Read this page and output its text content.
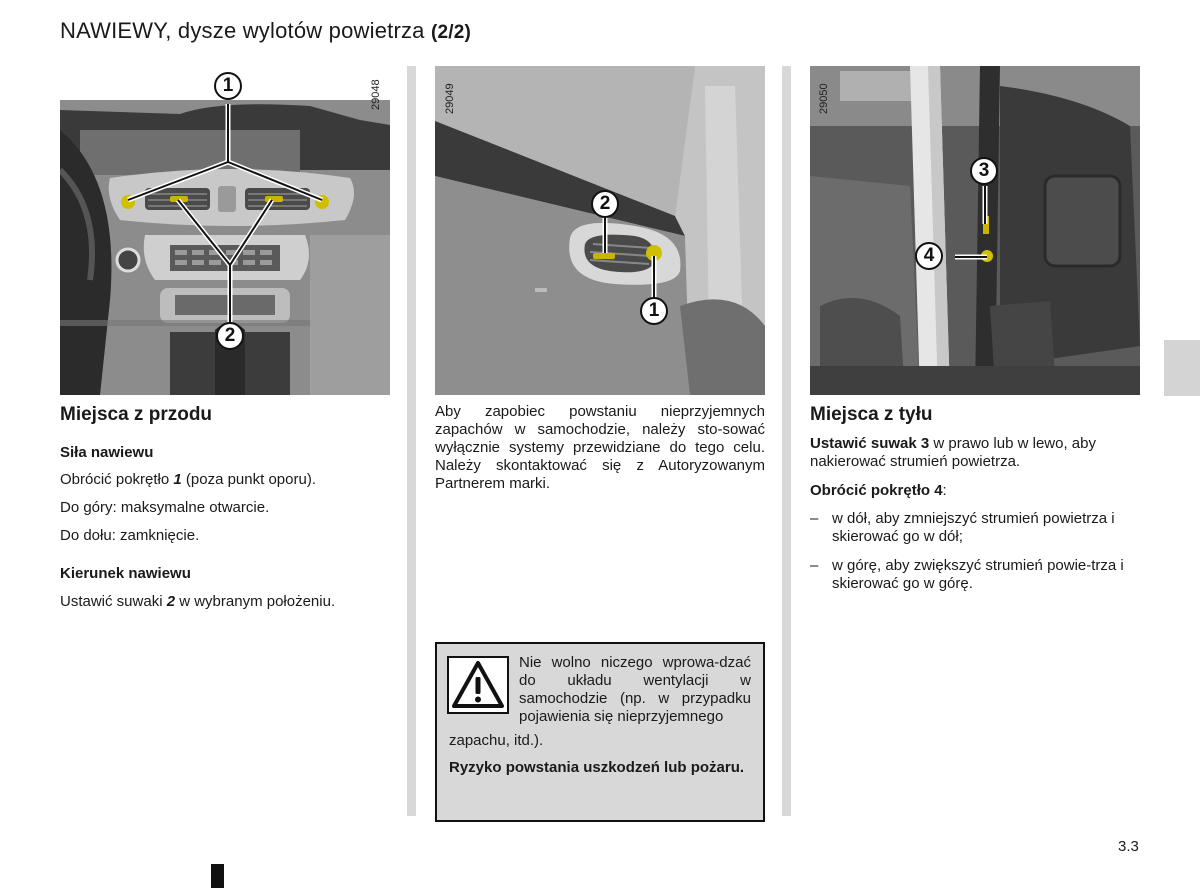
NAWIEWY, dysze wylotów powietrza (2/2)
29048
1
2
29049
2
1
29050
3
4
Miejsca z przodu
Siła nawiewu
Obrócić pokrętło 1 (poza punkt oporu).
Do góry: maksymalne otwarcie.
Do dołu: zamknięcie.
Kierunek nawiewu
Ustawić suwaki 2 w wybranym położeniu.
Aby zapobiec powstaniu nieprzyjemnych zapachów w samochodzie, należy sto-sować wyłącznie systemy przewidziane do tego celu. Należy skontaktować się z Autoryzowanym Partnerem marki.
Nie wolno niczego wprowa-dzać do układu wentylacji w samochodzie (np. w przypadku pojawienia się nieprzyjemnego
zapachu, itd.).
Ryzyko powstania uszkodzeń lub pożaru.
Miejsca z tyłu
Ustawić suwak 3 w prawo lub w lewo, aby nakierować strumień powietrza.
Obrócić pokrętło 4:
– w dół, aby zmniejszyć strumień powietrza i skierować go w dół;
– w górę, aby zwiększyć strumień powie-trza i skierować go w górę.
3.3
